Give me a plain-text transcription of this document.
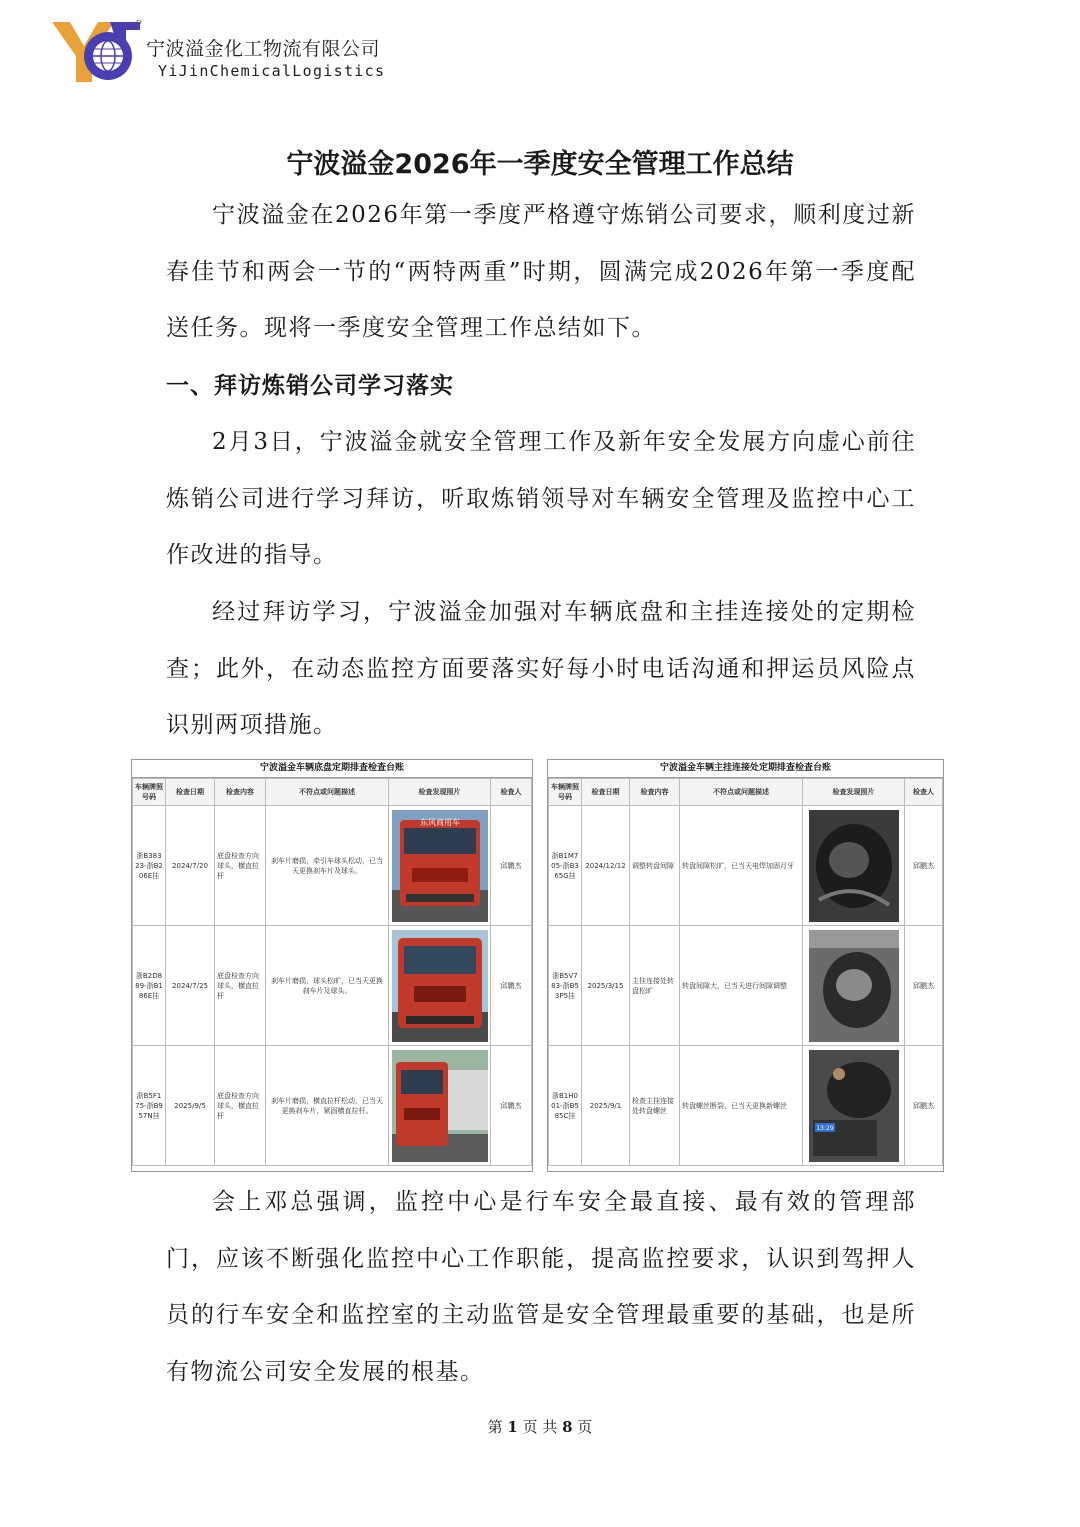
宁波溢金化工物流有限公司
YiJinChemicalLogistics
宁波溢金2026年一季度安全管理工作总结

宁波溢金在2026年第一季度严格遵守炼销公司要求，顺利度过新春佳节和两会一节的“两特两重”时期，圆满完成2026年第一季度配送任务。现将一季度安全管理工作总结如下。

一、拜访炼销公司学习落实

2月3日，宁波溢金就安全管理工作及新年安全发展方向虚心前往炼销公司进行学习拜访，听取炼销领导对车辆安全管理及监控中心工作改进的指导。

经过拜访学习，宁波溢金加强对车辆底盘和主挂连接处的定期检查；此外，在动态监控方面要落实好每小时电话沟通和押运员风险点识别两项措施。

宁波溢金车辆底盘定期排查检查台账
车辆牌照号码	检查日期	检查内容	不符点或问题描述	检查发现照片	检查人
浙B38323-浙B206E挂	2024/7/20	底盘检查方向球头，横直拉杆	刹车片磨损，牵引车球头松动，已当天更换刹车片及球头。	东风商用车	邱鹏杰
浙B2D889-浙B186E挂	2024/7/25	底盘检查方向球头，横直拉杆	刹车片磨损，球头松旷，已当天更换刹车片及球头。		邱鹏杰
浙B5F175-浙B957N挂	2025/9/5	底盘检查方向球头，横直拉杆	刹车片磨损，横直拉杆松动，已当天更换刹车片，紧固横直拉杆。		邱鹏杰
宁波溢金车辆主挂连接处定期排查检查台账
车辆牌照号码	检查日期	检查内容	不符点或问题描述	检查发现照片	检查人
浙B1M705-浙B365G挂	2024/12/12	调整转盘间隙	转盘间隙松旷，已当天电焊加固月牙		邱鹏杰
浙B5V783-浙B53P5挂	2025/3/15	主挂连接处转盘松旷	转盘间隙大，已当天进行间隙调整		邱鹏杰
浙B1H001-浙B585C挂	2025/9/1	检查主挂连接处转盘螺丝	转盘螺丝断裂，已当天更换新螺丝	13:29	邱鹏杰

会上邓总强调，监控中心是行车安全最直接、最有效的管理部门，应该不断强化监控中心工作职能，提高监控要求，认识到驾押人员的行车安全和监控室的主动监管是安全管理最重要的基础，也是所有物流公司安全发展的根基。

第 1 页 共 8 页
